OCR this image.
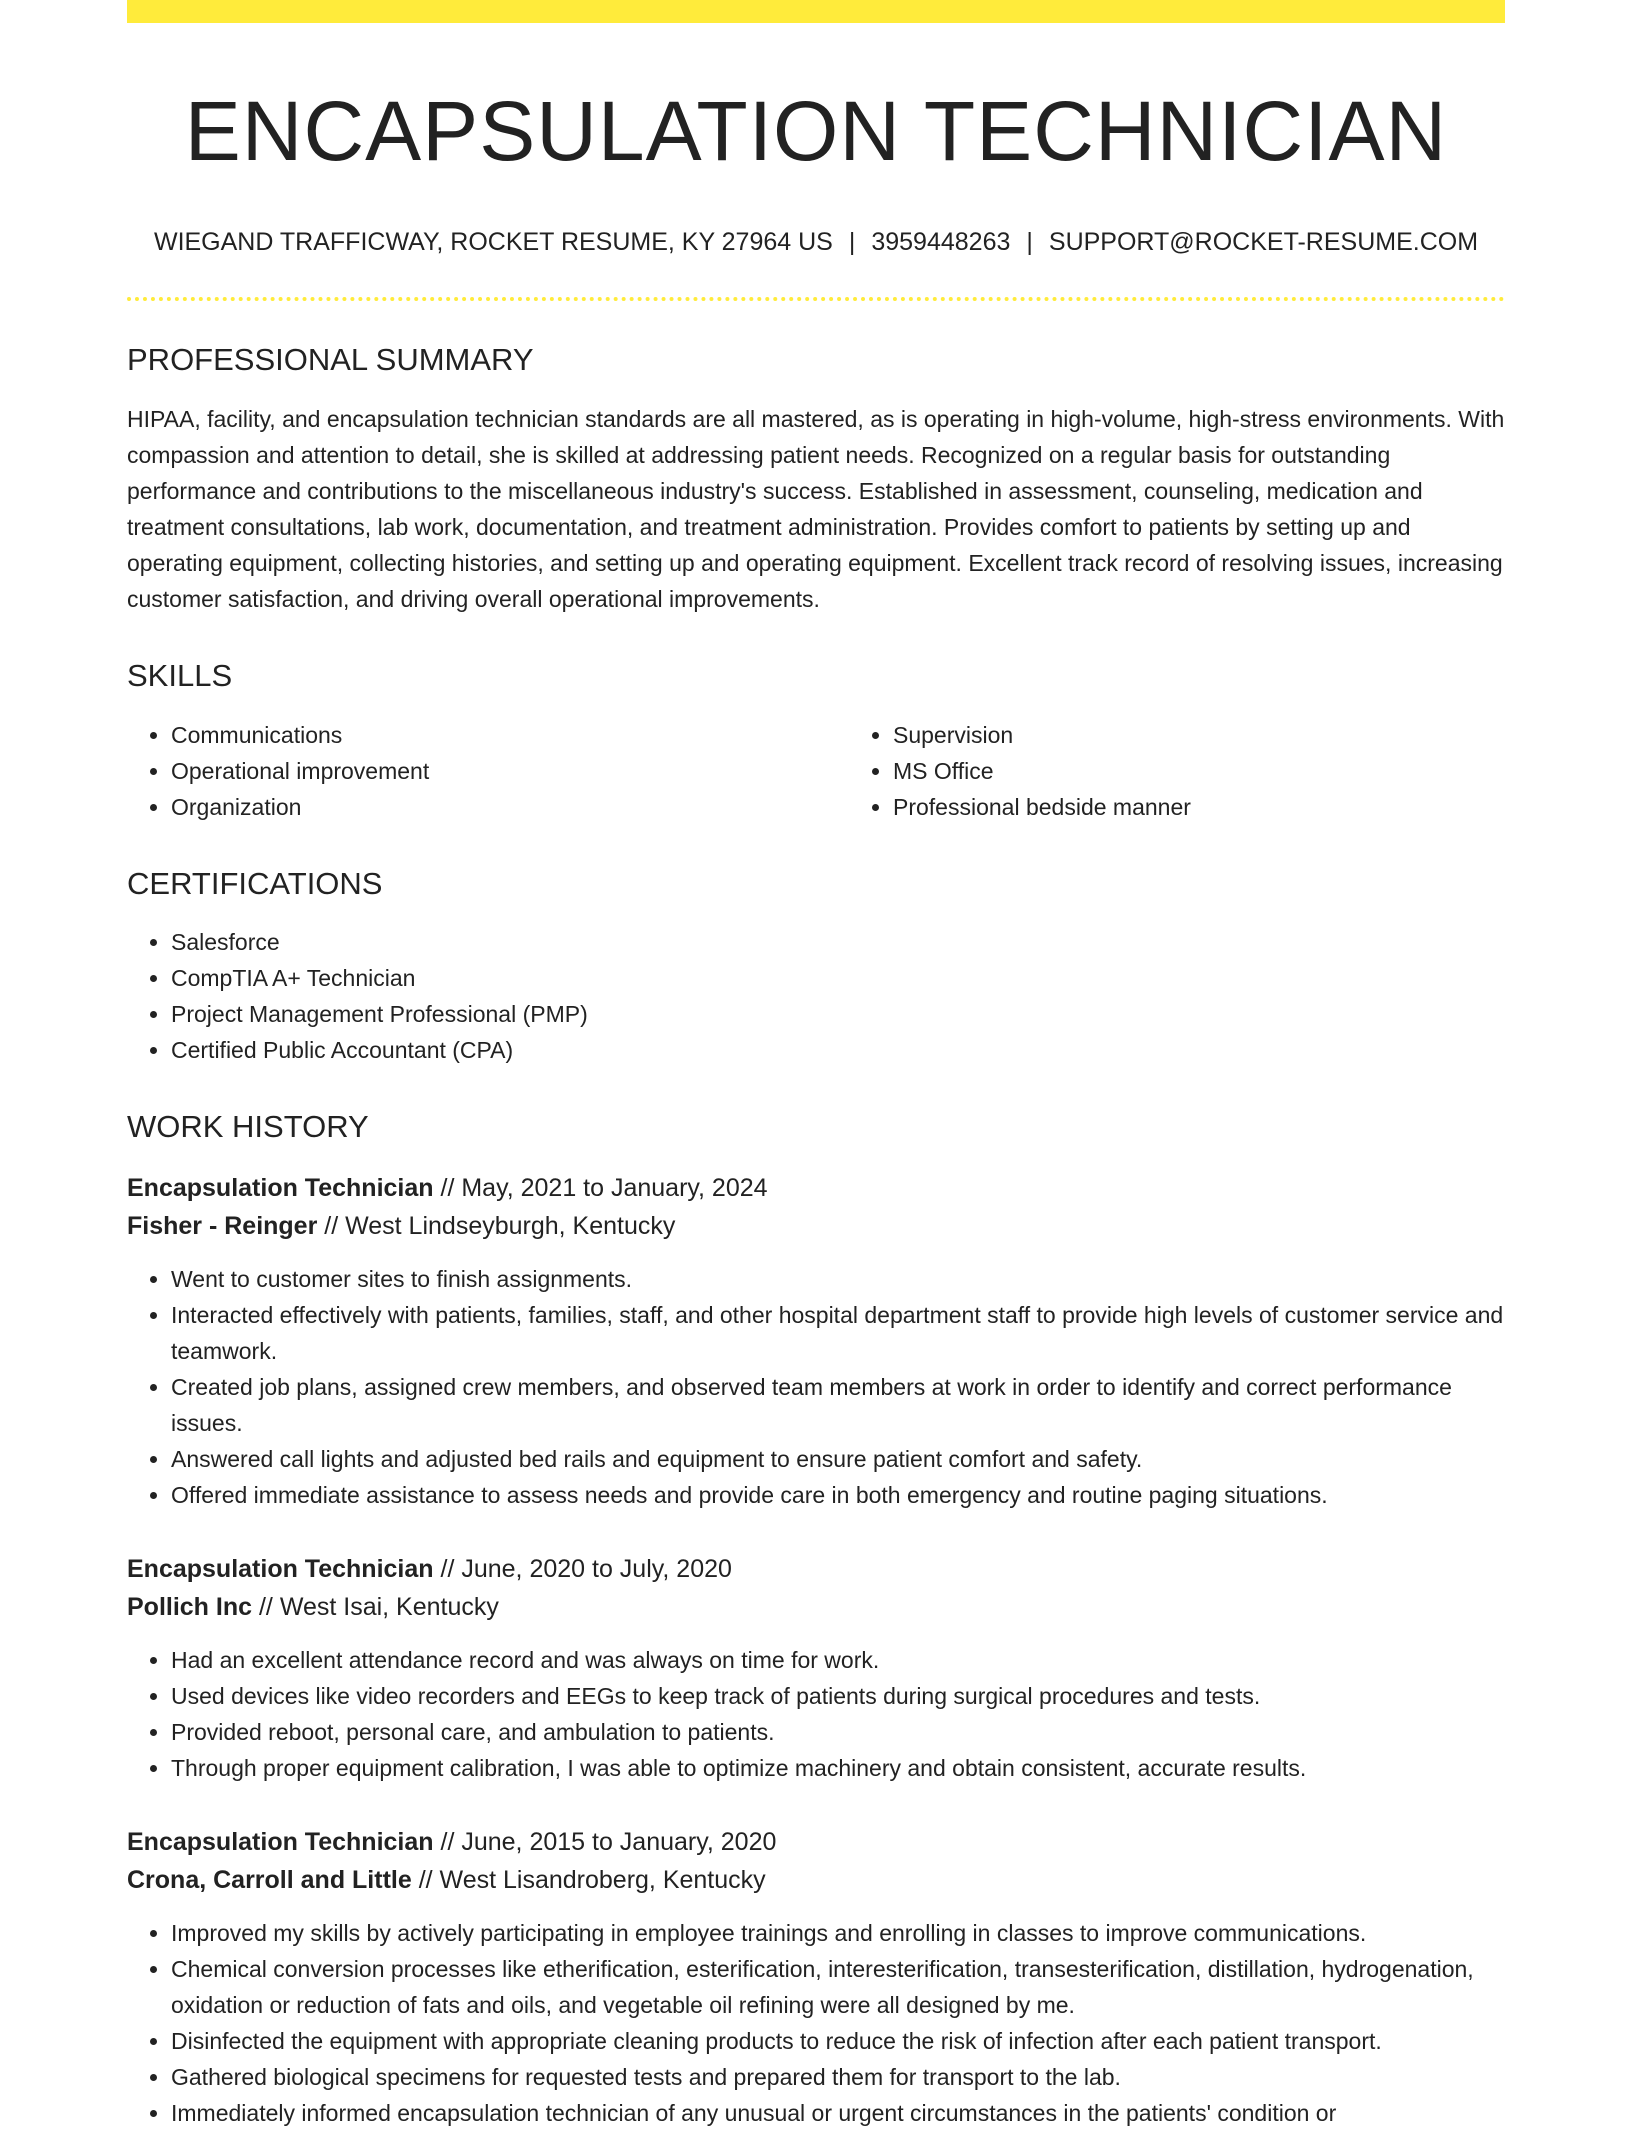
ENCAPSULATION TECHNICIAN
WIEGAND TRAFFICWAY, ROCKET RESUME, KY 27964 US | 3959448263 | SUPPORT@ROCKET-RESUME.COM
PROFESSIONAL SUMMARY

HIPAA, facility, and encapsulation technician standards are all mastered, as is operating in high-volume, high-stress environments. With compassion and attention to detail, she is skilled at addressing patient needs. Recognized on a regular basis for outstanding performance and contributions to the miscellaneous industry's success. Established in assessment, counseling, medication and treatment consultations, lab work, documentation, and treatment administration. Provides comfort to patients by setting up and operating equipment, collecting histories, and setting up and operating equipment. Excellent track record of resolving issues, increasing customer satisfaction, and driving overall operational improvements.

SKILLS
• Communications
• Operational improvement
• Organization
• Supervision
• MS Office
• Professional bedside manner
CERTIFICATIONS
• Salesforce
• CompTIA A+ Technician
• Project Management Professional (PMP)
• Certified Public Accountant (CPA)
WORK HISTORY
Encapsulation Technician // May, 2021 to January, 2024
Fisher - Reinger // West Lindseyburgh, Kentucky
• Went to customer sites to finish assignments.
• Interacted effectively with patients, families, staff, and other hospital department staff to provide high levels of customer service and teamwork.
• Created job plans, assigned crew members, and observed team members at work in order to identify and correct performance issues.
• Answered call lights and adjusted bed rails and equipment to ensure patient comfort and safety.
• Offered immediate assistance to assess needs and provide care in both emergency and routine paging situations.
Encapsulation Technician // June, 2020 to July, 2020
Pollich Inc // West Isai, Kentucky
• Had an excellent attendance record and was always on time for work.
• Used devices like video recorders and EEGs to keep track of patients during surgical procedures and tests.
• Provided reboot, personal care, and ambulation to patients.
• Through proper equipment calibration, I was able to optimize machinery and obtain consistent, accurate results.
Encapsulation Technician // June, 2015 to January, 2020
Crona, Carroll and Little // West Lisandroberg, Kentucky
• Improved my skills by actively participating in employee trainings and enrolling in classes to improve communications.
• Chemical conversion processes like etherification, esterification, interesterification, transesterification, distillation, hydrogenation, oxidation or reduction of fats and oils, and vegetable oil refining were all designed by me.
• Disinfected the equipment with appropriate cleaning products to reduce the risk of infection after each patient transport.
• Gathered biological specimens for requested tests and prepared them for transport to the lab.
• Immediately informed encapsulation technician of any unusual or urgent circumstances in the patients' condition or
